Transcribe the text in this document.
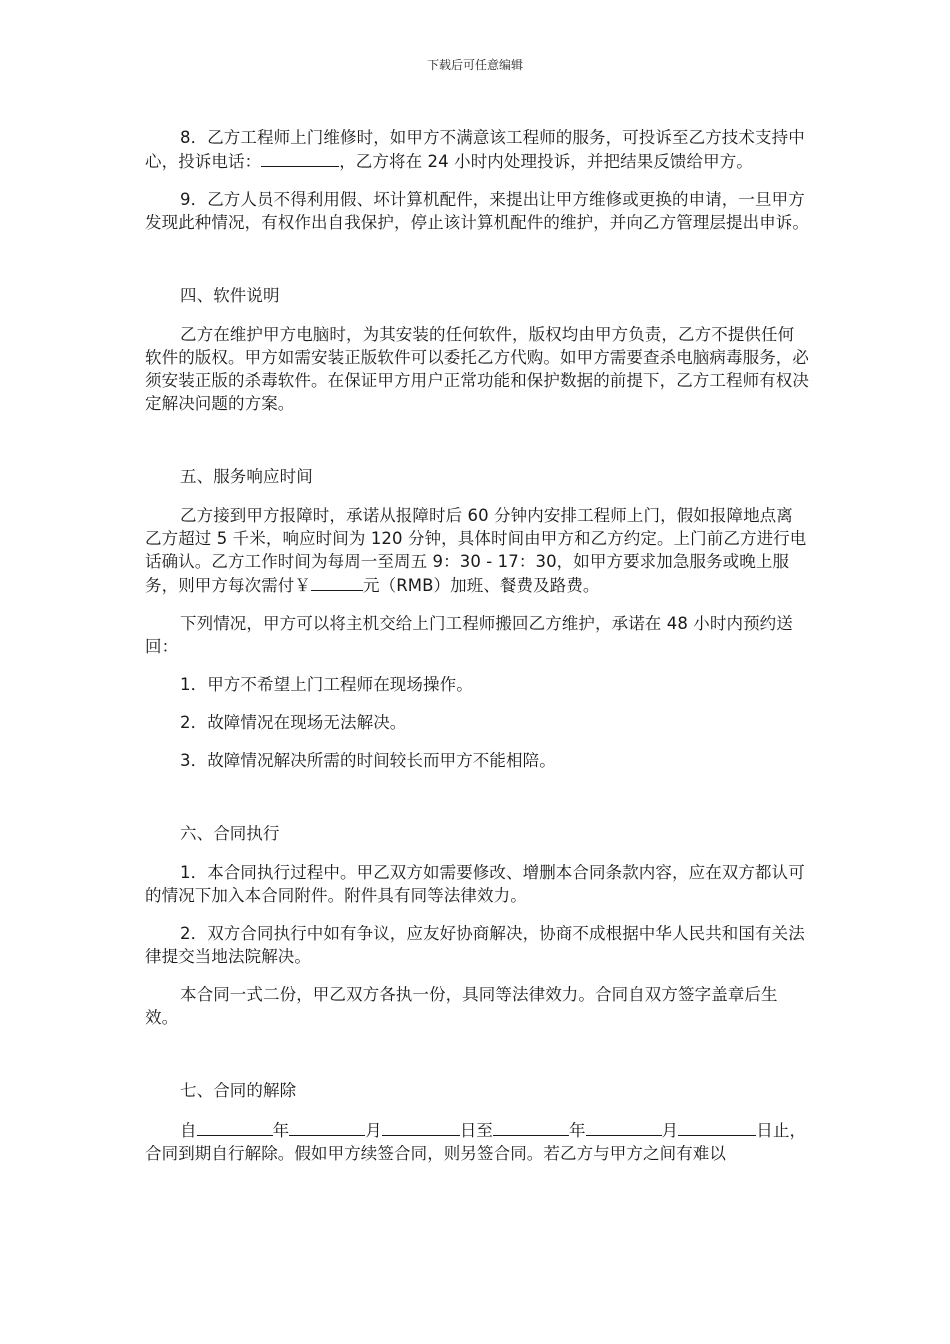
下载后可任意编辑

8．乙方工程师上门维修时，如甲方不满意该工程师的服务，可投诉至乙方技术支持中心，投诉电话：	，乙方将在 24 小时内处理投诉，并把结果反馈给甲方。

9．乙方人员不得利用假、坏计算机配件，来提出让甲方维修或更换的申请，一旦甲方发现此种情况，有权作出自我保护，停止该计算机配件的维护，并向乙方管理层提出申诉。

四、软件说明

乙方在维护甲方电脑时，为其安装的任何软件，版权均由甲方负责，乙方不提供任何软件的版权。甲方如需安装正版软件可以委托乙方代购。如甲方需要查杀电脑病毒服务，必须安装正版的杀毒软件。在保证甲方用户正常功能和保护数据的前提下，乙方工程师有权决定解决问题的方案。

五、服务响应时间

乙方接到甲方报障时，承诺从报障时后 60 分钟内安排工程师上门，假如报障地点离乙方超过 5 千米，响应时间为 120 分钟，具体时间由甲方和乙方约定。上门前乙方进行电话确认。乙方工作时间为每周一至周五 9：30 - 17：30，如甲方要求加急服务或晚上服务，则甲方每次需付￥	元（RMB）加班、餐费及路费。

下列情况，甲方可以将主机交给上门工程师搬回乙方维护，承诺在 48 小时内预约送回：

1．甲方不希望上门工程师在现场操作。

2．故障情况在现场无法解决。

3．故障情况解决所需的时间较长而甲方不能相陪。

六、合同执行

1．本合同执行过程中。甲乙双方如需要修改、增删本合同条款内容，应在双方都认可的情况下加入本合同附件。附件具有同等法律效力。

2．双方合同执行中如有争议，应友好协商解决，协商不成根据中华人民共和国有关法律提交当地法院解决。

本合同一式二份，甲乙双方各执一份，具同等法律效力。合同自双方签字盖章后生效。

七、合同的解除

自	年	月	日至	年	月	日止，合同到期自行解除。假如甲方续签合同，则另签合同。若乙方与甲方之间有难以
